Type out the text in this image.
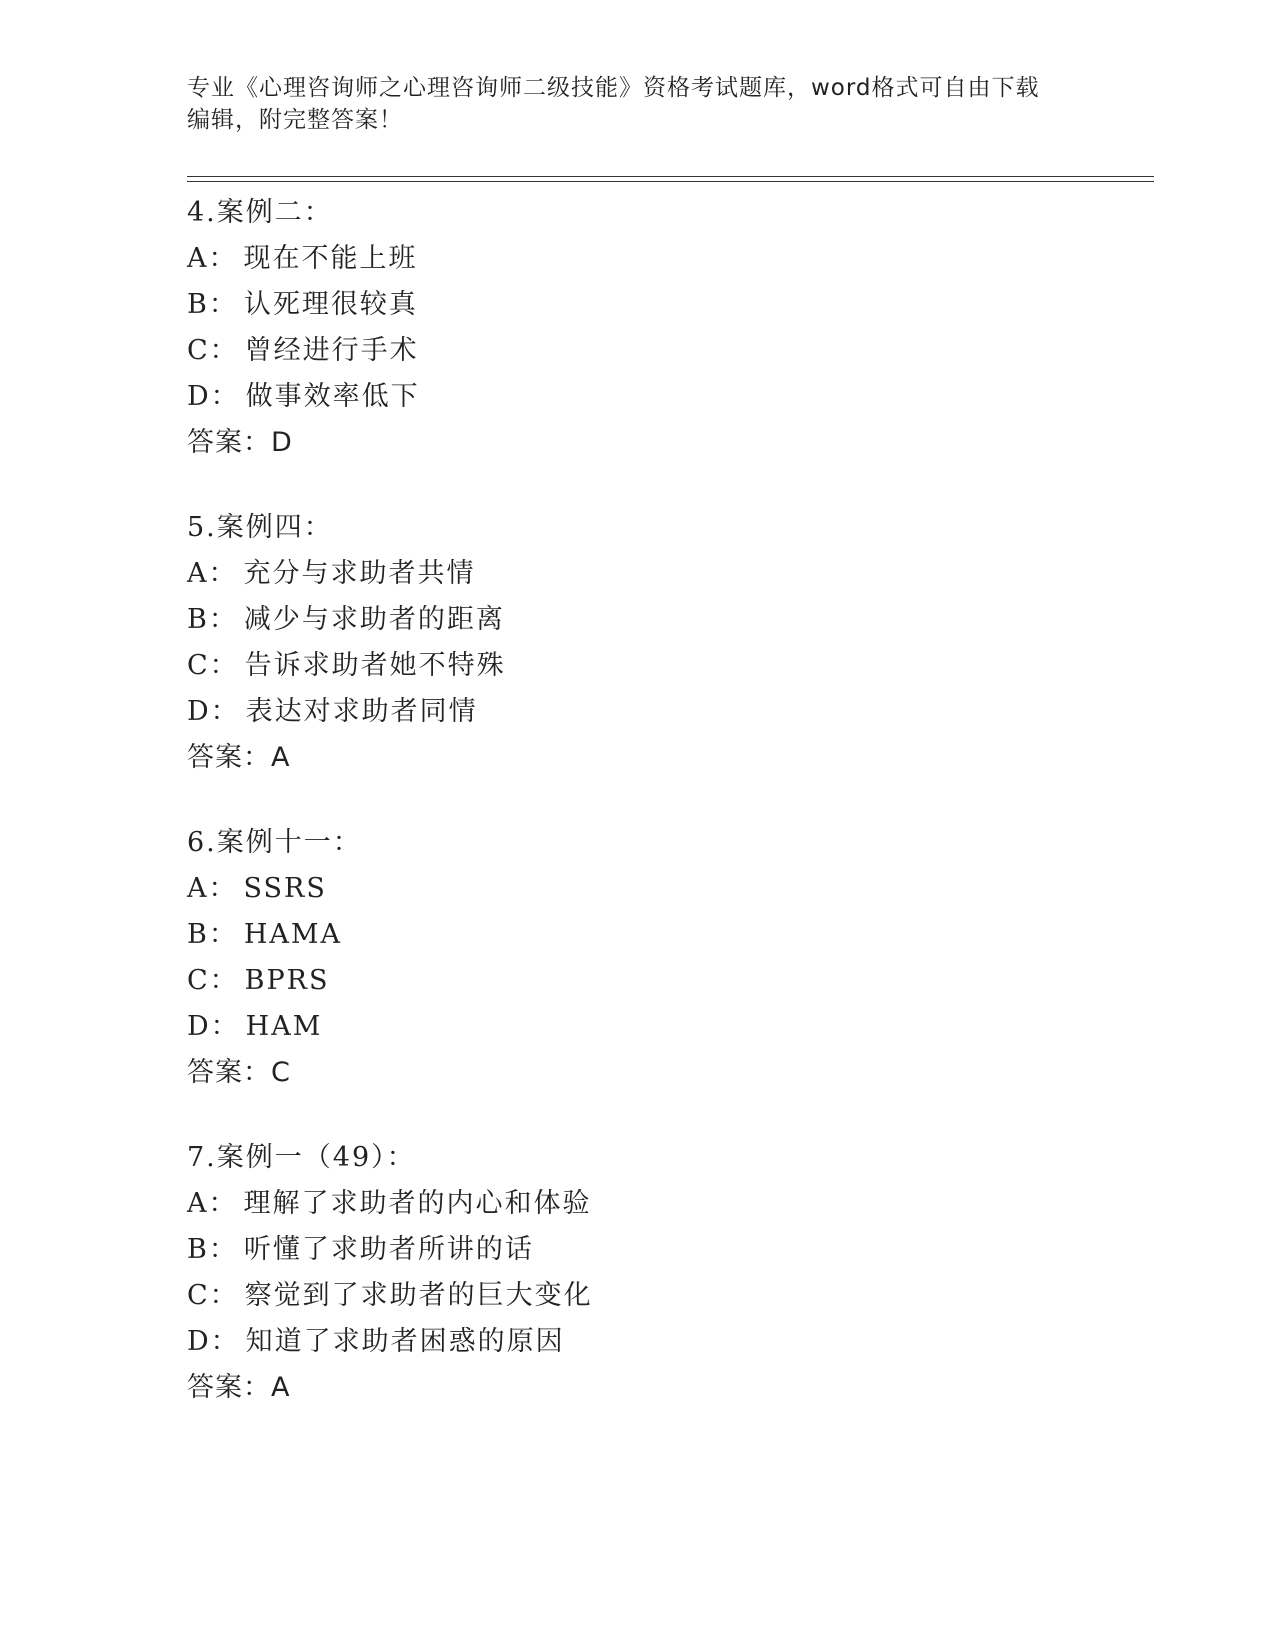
专业《心理咨询师之心理咨询师二级技能》资格考试题库，word格式可自由下载
编辑，附完整答案！
4.案例二：
A： 现在不能上班
B： 认死理很较真
C： 曾经进行手术
D： 做事效率低下
答案：D
5.案例四：
A： 充分与求助者共情
B： 减少与求助者的距离
C： 告诉求助者她不特殊
D： 表达对求助者同情
答案：A
6.案例十一：
A： SSRS
B： HAMA
C： BPRS
D： HAM
答案：C
7.案例一（49）：
A： 理解了求助者的内心和体验
B： 听懂了求助者所讲的话
C： 察觉到了求助者的巨大变化
D： 知道了求助者困惑的原因
答案：A
